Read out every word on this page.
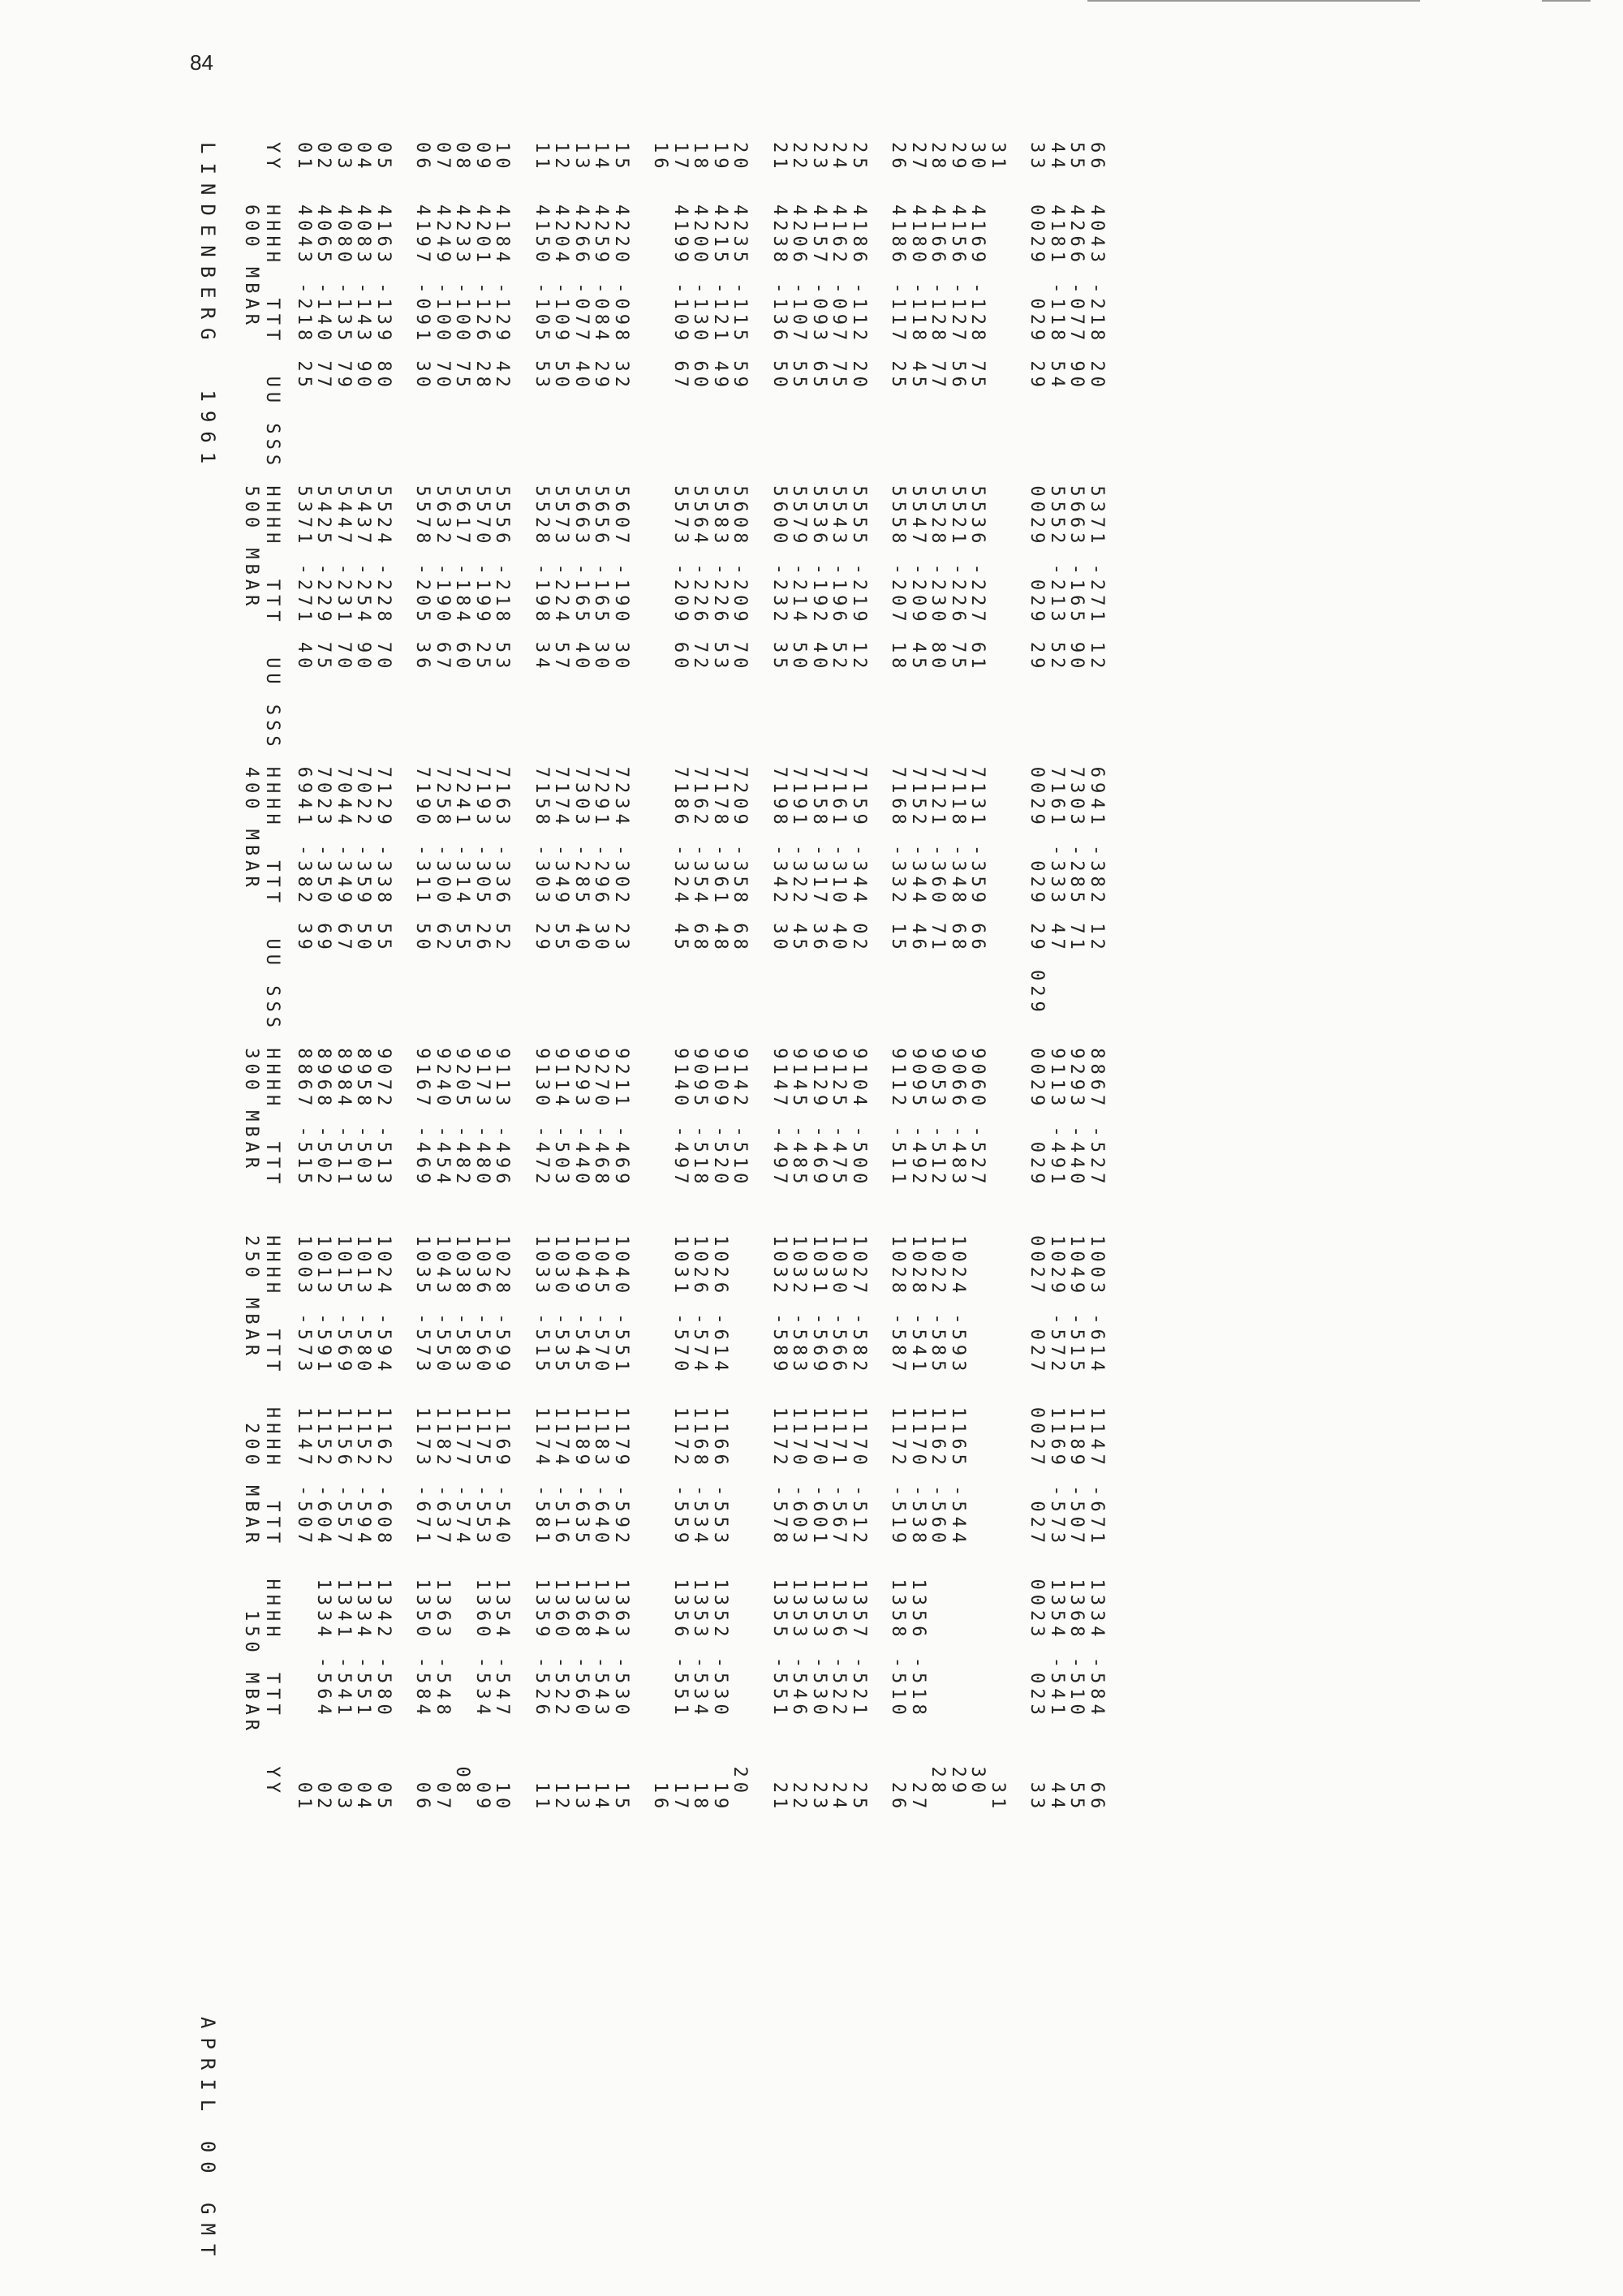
84
LINDENBERG  1961
APRIL 00 GMT
600 MBAR          500 MBAR          400 MBAR          300 MBAR    250 MBAR    200 MBAR    150 MBAR YY  HHHH  TTT  UU SSS HHHH  TTT  UU SSS HHHH  TTT  UU SSS HHHH  TTT   HHHH  TTT  HHHH  TTT  HHHH  TTT   YY 01  4043 -218 25      5371 -271 40      6941 -382 39      8867 -515   1003 -573  1147 -507               01 02  4065 -140 77      5425 -229 75      7023 -350 69      8968 -502   1013 -591  1152 -604  1334 -564    02 03  4080 -135 79      5447 -231 70      7044 -349 67      8984 -511   1015 -569  1156 -557  1341 -541    03 04  4083 -143 90      5437 -254 90      7022 -359 50      8958 -503   1013 -580  1152 -594  1334 -551    04 05  4163 -139 80      5524 -228 70      7129 -338 55      9072 -513   1024 -594  1162 -608  1342 -580    05 06  4197 -091 30      5578 -205 36      7190 -311 50      9167 -469   1035 -573  1173 -671  1350 -584    06 07  4249 -100 70      5632 -190 67      7258 -300 62      9240 -454   1043 -550  1182 -637  1363 -548    07 08  4233 -100 75      5617 -184 60      7241 -314 55      9205 -482   1038 -583  1177 -574              08 09  4201 -126 28      5570 -199 25      7193 -305 26      9173 -480   1036 -560  1175 -553  1360 -534    09 10  4184 -129 42      5556 -218 53      7163 -336 52      9113 -496   1028 -599  1169 -540  1354 -547    10 11  4150 -105 53      5528 -198 34      7158 -303 29      9130 -472   1033 -515  1174 -581  1359 -526    11 12  4204 -109 50      5573 -224 57      7174 -349 55      9114 -503   1030 -535  1174 -516  1360 -522    12 13  4266 -077 40      5663 -165 40      7303 -285 40      9293 -440   1049 -545  1189 -635  1368 -560    13 14  4259 -084 29      5656 -165 30      7291 -296 30      9270 -468   1045 -570  1183 -640  1364 -543    14 15  4220 -098 32      5607 -190 30      7234 -302 23      9211 -469   1040 -551  1179 -592  1363 -530    15 16                                                                                                       16 17  4199 -109 67      5573 -209 60      7186 -324 45      9140 -497   1031 -570  1172 -559  1356 -551    17 18  4200 -130 60      5564 -226 72      7162 -354 68      9095 -518   1026 -574  1168 -534  1353 -534    18 19  4215 -121 49      5583 -226 53      7178 -361 48      9109 -520   1026 -614  1166 -553  1352 -530    19 20  4235 -115 59      5608 -209 70      7209 -358 68      9142 -510                                     20 21  4238 -136 50      5600 -232 35      7198 -342 30      9147 -497   1032 -589  1172 -578  1355 -551    21 22  4206 -107 55      5579 -214 50      7191 -322 45      9145 -485   1032 -583  1170 -603  1353 -546    22 23  4157 -093 65      5536 -192 40      7158 -317 36      9129 -469   1031 -569  1170 -601  1353 -530    23 24  4162 -097 75      5543 -196 52      7161 -310 40      9125 -475   1030 -566  1171 -567  1356 -522    24 25  4186 -112 20      5555 -219 12      7159 -344 02      9104 -500   1027 -582  1170 -512  1357 -521    25 26  4186 -117 25      5558 -207 18      7168 -332 15      9112 -511   1028 -587  1172 -519  1358 -510    26 27  4180 -118 45      5547 -209 45      7152 -344 46      9095 -492   1028 -541  1170 -538  1356 -518    27 28  4166 -128 77      5528 -230 80      7121 -360 71      9053 -512   1022 -585  1162 -560              28 29  4156 -127 56      5521 -226 75      7118 -348 68      9066 -483   1024 -593  1165 -544              29 30  4169 -128 75      5536 -227 61      7131 -359 66      9060 -527                                     30 31                                                                                                       31 33  0029  029 29      0029  029 29      0029  029 29 029  0029  029   0027  027  0027  027  0023  023    33 44  4181 -118 54      5552 -213 52      7161 -333 47      9113 -491   1029 -572  1169 -573  1354 -541    44 55  4266 -077 90      5663 -165 90      7303 -285 71      9293 -440   1049 -515  1189 -507  1368 -510    55 66  4043 -218 20      5371 -271 12      6941 -382 12      8867 -527   1003 -614  1147 -671  1334 -584    66
